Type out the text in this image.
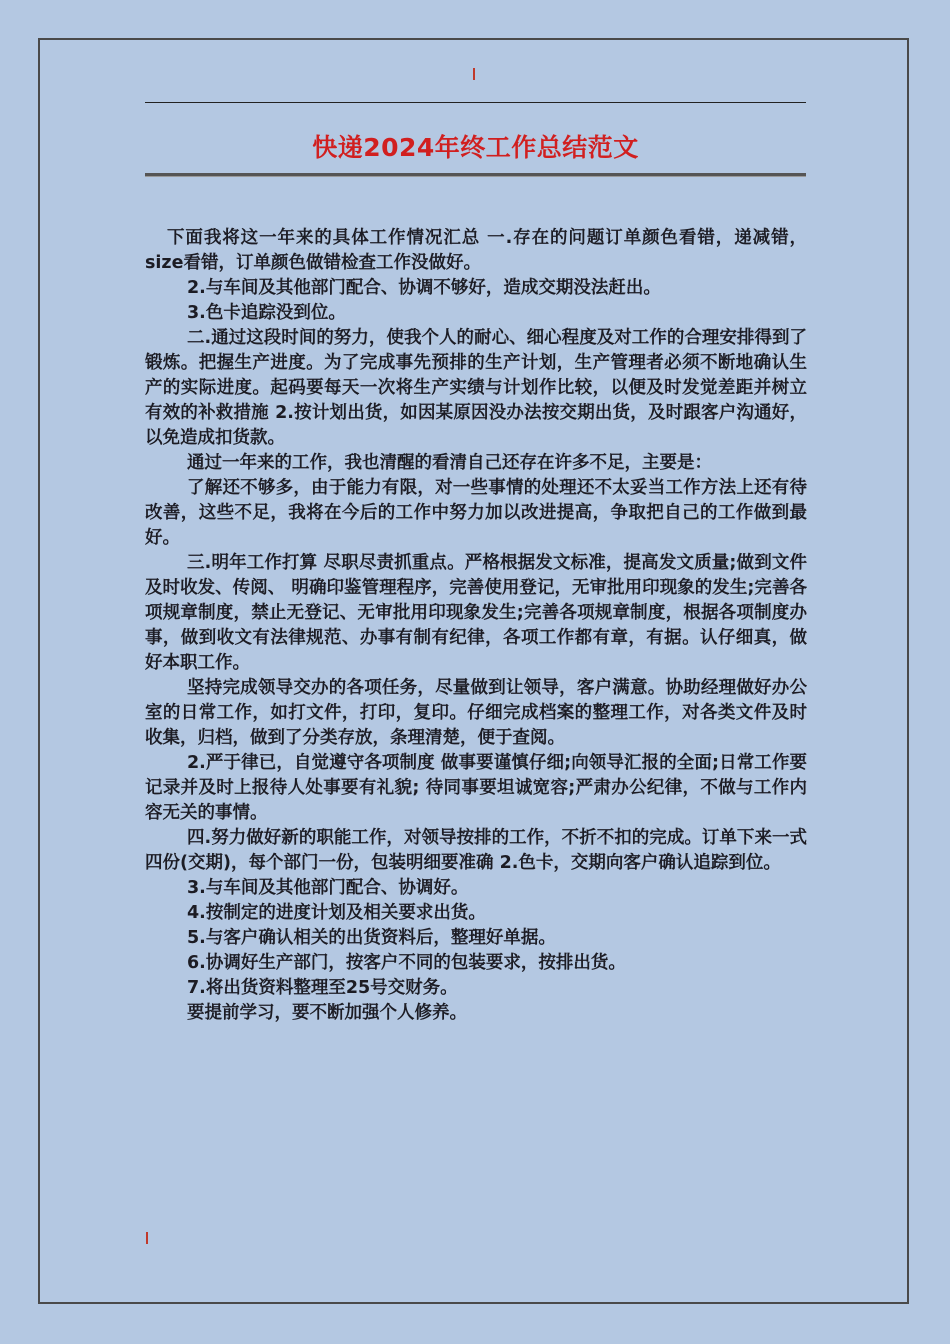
快递2024年终工作总结范文

下面我将这一年来的具体工作情况汇总 一.存在的问题订单颜色看错，递减错，size看错，订单颜色做错检查工作没做好。

2.与车间及其他部门配合、协调不够好，造成交期没法赶出。

3.色卡追踪没到位。

二.通过这段时间的努力，使我个人的耐心、细心程度及对工作的合理安排得到了锻炼。把握生产进度。为了完成事先预排的生产计划，生产管理者必须不断地确认生产的实际进度。起码要每天一次将生产实绩与计划作比较，以便及时发觉差距并树立有效的补救措施 2.按计划出货，如因某原因没办法按交期出货，及时跟客户沟通好，以免造成扣货款。

通过一年来的工作，我也清醒的看清自己还存在许多不足，主要是：

了解还不够多，由于能力有限，对一些事情的处理还不太妥当工作方法上还有待改善，这些不足，我将在今后的工作中努力加以改进提高，争取把自己的工作做到最好。

三.明年工作打算 尽职尽责抓重点。严格根据发文标准，提高发文质量;做到文件及时收发、传阅、 明确印鉴管理程序，完善使用登记，无审批用印现象的发生;完善各项规章制度，禁止无登记、无审批用印现象发生;完善各项规章制度，根据各项制度办事，做到收文有法律规范、办事有制有纪律，各项工作都有章，有据。认仔细真，做好本职工作。

坚持完成领导交办的各项任务，尽量做到让领导，客户满意。协助经理做好办公室的日常工作，如打文件，打印，复印。仔细完成档案的整理工作，对各类文件及时收集，归档，做到了分类存放，条理清楚，便于查阅。

2.严于律已，自觉遵守各项制度 做事要谨慎仔细;向领导汇报的全面;日常工作要记录并及时上报待人处事要有礼貌; 待同事要坦诚宽容;严肃办公纪律，不做与工作内容无关的事情。

四.努力做好新的职能工作，对领导按排的工作，不折不扣的完成。订单下来一式四份(交期)，每个部门一份，包装明细要准确 2.色卡，交期向客户确认追踪到位。

3.与车间及其他部门配合、协调好。

4.按制定的进度计划及相关要求出货。

5.与客户确认相关的出货资料后，整理好单据。

6.协调好生产部门，按客户不同的包装要求，按排出货。

7.将出货资料整理至25号交财务。

要提前学习，要不断加强个人修养。
